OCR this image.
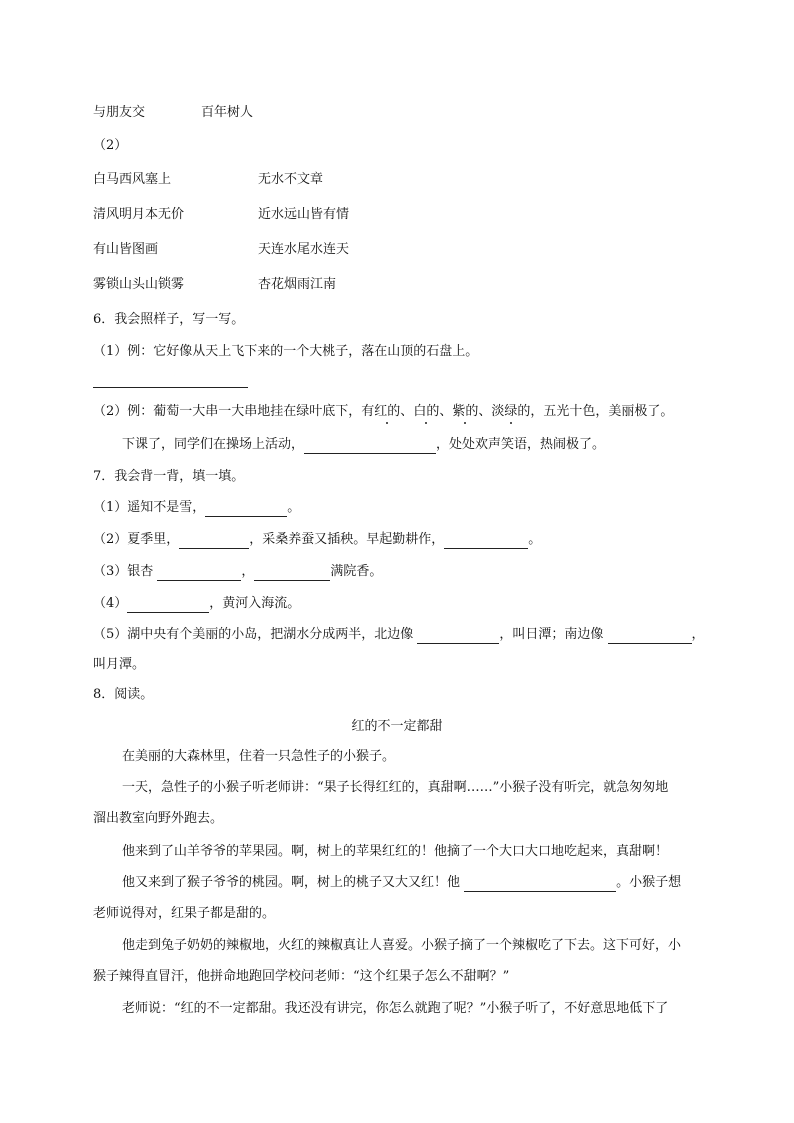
与朋友交	百年树人
（2）
白马西风塞上	无水不文章
清风明月本无价	近水远山皆有情
有山皆图画	天连水尾水连天
雾锁山头山锁雾	杏花烟雨江南
6．我会照样子，写一写。
（1）例：它好像从天上飞下来的一个大桃子，落在山顶的石盘上。
（2）例：葡萄一大串一大串地挂在绿叶底下，有红的、白的、紫的、淡绿的，五光十色，美丽极了。
下课了，同学们在操场上活动，	，处处欢声笑语，热闹极了。
7．我会背一背，填一填。
（1）遥知不是雪，	。
（2）夏季里，	，采桑养蚕又插秧。早起勤耕作，	。
（3）银杏	，	满院香。
（4）	，黄河入海流。
（5）湖中央有个美丽的小岛，把湖水分成两半，北边像	，叫日潭；南边像	，
叫月潭。
8．阅读。
红的不一定都甜
在美丽的大森林里，住着一只急性子的小猴子。
一天，急性子的小猴子听老师讲：“果子长得红红的，真甜啊……”小猴子没有听完，就急匆匆地
溜出教室向野外跑去。
他来到了山羊爷爷的苹果园。啊，树上的苹果红红的！他摘了一个大口大口地吃起来，真甜啊！
他又来到了猴子爷爷的桃园。啊，树上的桃子又大又红！他	。小猴子想
老师说得对，红果子都是甜的。
他走到兔子奶奶的辣椒地，火红的辣椒真让人喜爱。小猴子摘了一个辣椒吃了下去。这下可好，小
猴子辣得直冒汗，他拼命地跑回学校问老师：“这个红果子怎么不甜啊？”
老师说：“红的不一定都甜。我还没有讲完，你怎么就跑了呢？”小猴子听了，不好意思地低下了
